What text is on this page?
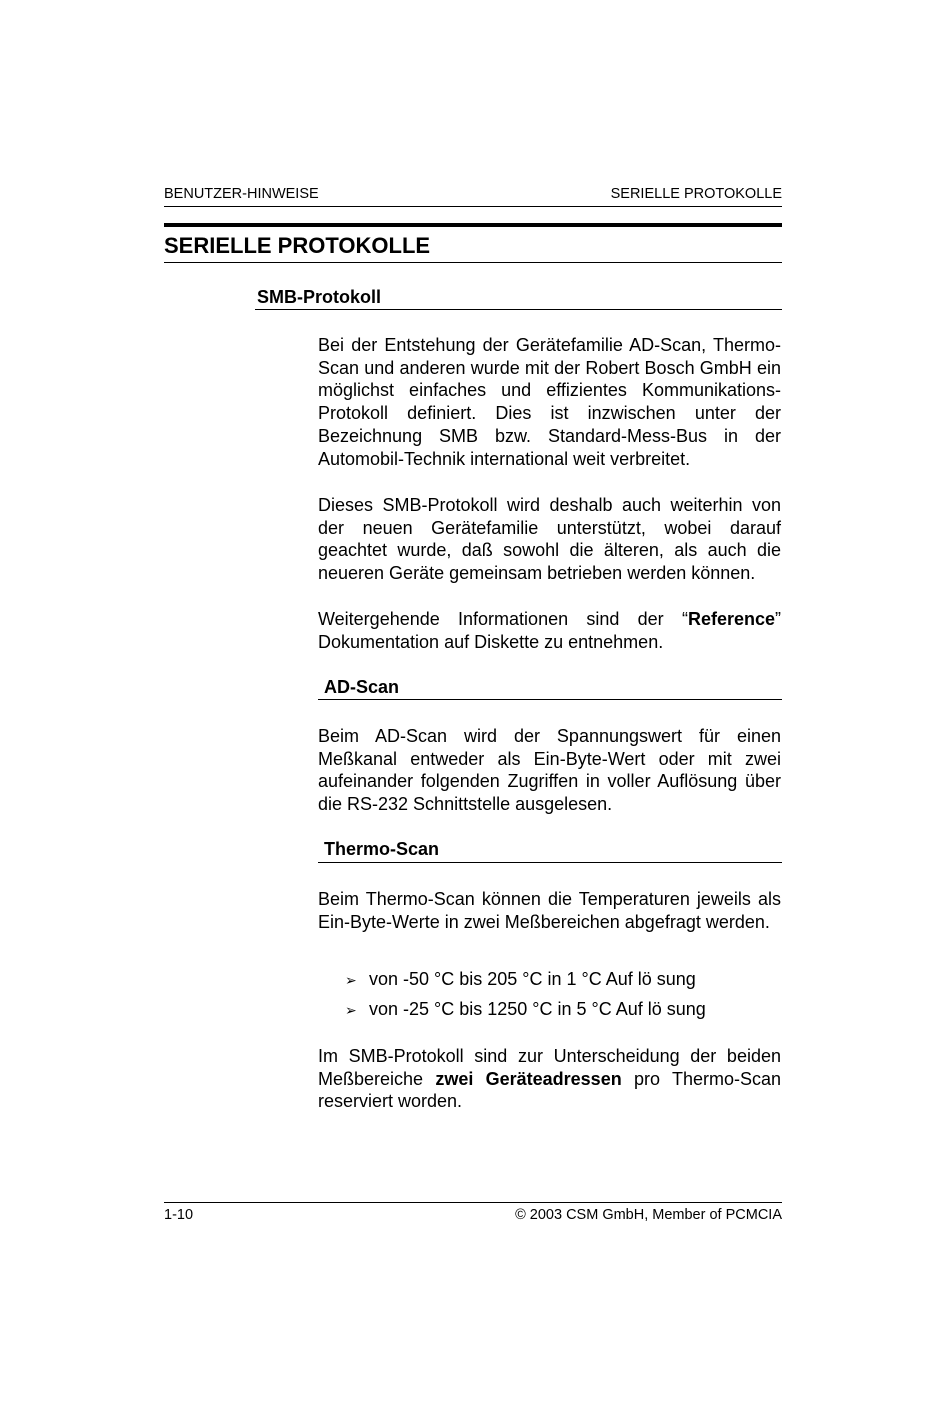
BENUTZER-HINWEISE	SERIELLE PROTOKOLLE
SERIELLE PROTOKOLLE
SMB-Protokoll
Bei der Entstehung der Gerätefamilie AD-Scan, Thermo-Scan und anderen wurde mit der Robert Bosch GmbH ein möglichst einfaches und effizientes Kommunikations-Protokoll definiert. Dies ist inzwischen unter der Bezeichnung SMB bzw. Standard-Mess-Bus in der Automobil-Technik international weit verbreitet.
Dieses SMB-Protokoll wird deshalb auch weiterhin von der neuen Gerätefamilie unterstützt, wobei darauf geachtet wurde, daß sowohl die älteren, als auch die neueren Geräte gemeinsam betrieben werden können.
Weitergehende Informationen sind der “Reference” Dokumentation auf Diskette zu entnehmen.
AD-Scan
Beim AD-Scan wird der Spannungswert für einen Meßkanal entweder als Ein-Byte-Wert oder mit zwei aufeinander folgenden Zugriffen in voller Auflösung über die RS-232 Schnittstelle ausgelesen.
Thermo-Scan
Beim Thermo-Scan können die Temperaturen jeweils als Ein-Byte-Werte in zwei Meßbereichen abgefragt werden.
➢ von -50 °C bis 205 °C in 1 °C Auf lö sung
➢ von -25 °C bis 1250 °C in 5 °C Auf lö sung
Im SMB-Protokoll sind zur Unterscheidung der beiden Meßbereiche zwei Geräteadressen pro Thermo-Scan reserviert worden.
1-10	© 2003 CSM GmbH, Member of PCMCIA
